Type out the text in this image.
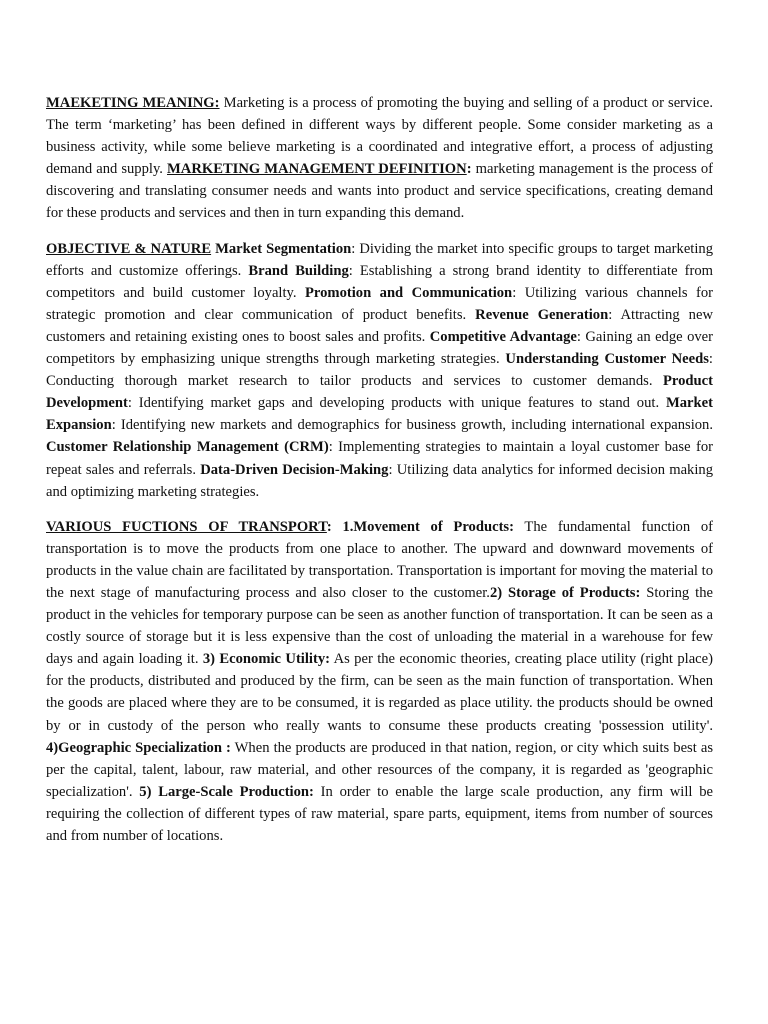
MAEKETING MEANING: Marketing is a process of promoting the buying and selling of a product or service. The term ‘marketing’ has been defined in different ways by different people. Some consider marketing as a business activity, while some believe marketing is a coordinated and integrative effort, a process of adjusting demand and supply. MARKETING MANAGEMENT DEFINITION: marketing management is the process of discovering and translating consumer needs and wants into product and service specifications, creating demand for these products and services and then in turn expanding this demand.

OBJECTIVE & NATURE Market Segmentation: Dividing the market into specific groups to target marketing efforts and customize offerings. Brand Building: Establishing a strong brand identity to differentiate from competitors and build customer loyalty. Promotion and Communication: Utilizing various channels for strategic promotion and clear communication of product benefits. Revenue Generation: Attracting new customers and retaining existing ones to boost sales and profits. Competitive Advantage: Gaining an edge over competitors by emphasizing unique strengths through marketing strategies. Understanding Customer Needs: Conducting thorough market research to tailor products and services to customer demands. Product Development: Identifying market gaps and developing products with unique features to stand out. Market Expansion: Identifying new markets and demographics for business growth, including international expansion. Customer Relationship Management (CRM): Implementing strategies to maintain a loyal customer base for repeat sales and referrals. Data-Driven Decision-Making: Utilizing data analytics for informed decision making and optimizing marketing strategies.

VARIOUS FUCTIONS OF TRANSPORT: 1.Movement of Products: The fundamental function of transportation is to move the products from one place to another. The upward and downward movements of products in the value chain are facilitated by transportation. Transportation is important for moving the material to the next stage of manufacturing process and also closer to the customer.2) Storage of Products: Storing the product in the vehicles for temporary purpose can be seen as another function of transportation. It can be seen as a costly source of storage but it is less expensive than the cost of unloading the material in a warehouse for few days and again loading it. 3) Economic Utility: As per the economic theories, creating place utility (right place) for the products, distributed and produced by the firm, can be seen as the main function of transportation. When the goods are placed where they are to be consumed, it is regarded as place utility. the products should be owned by or in custody of the person who really wants to consume these products creating 'possession utility'. 4)Geographic Specialization : When the products are produced in that nation, region, or city which suits best as per the capital, talent, labour, raw material, and other resources of the company, it is regarded as 'geographic specialization'. 5) Large-Scale Production: In order to enable the large scale production, any firm will be requiring the collection of different types of raw material, spare parts, equipment, items from number of sources and from number of locations.
